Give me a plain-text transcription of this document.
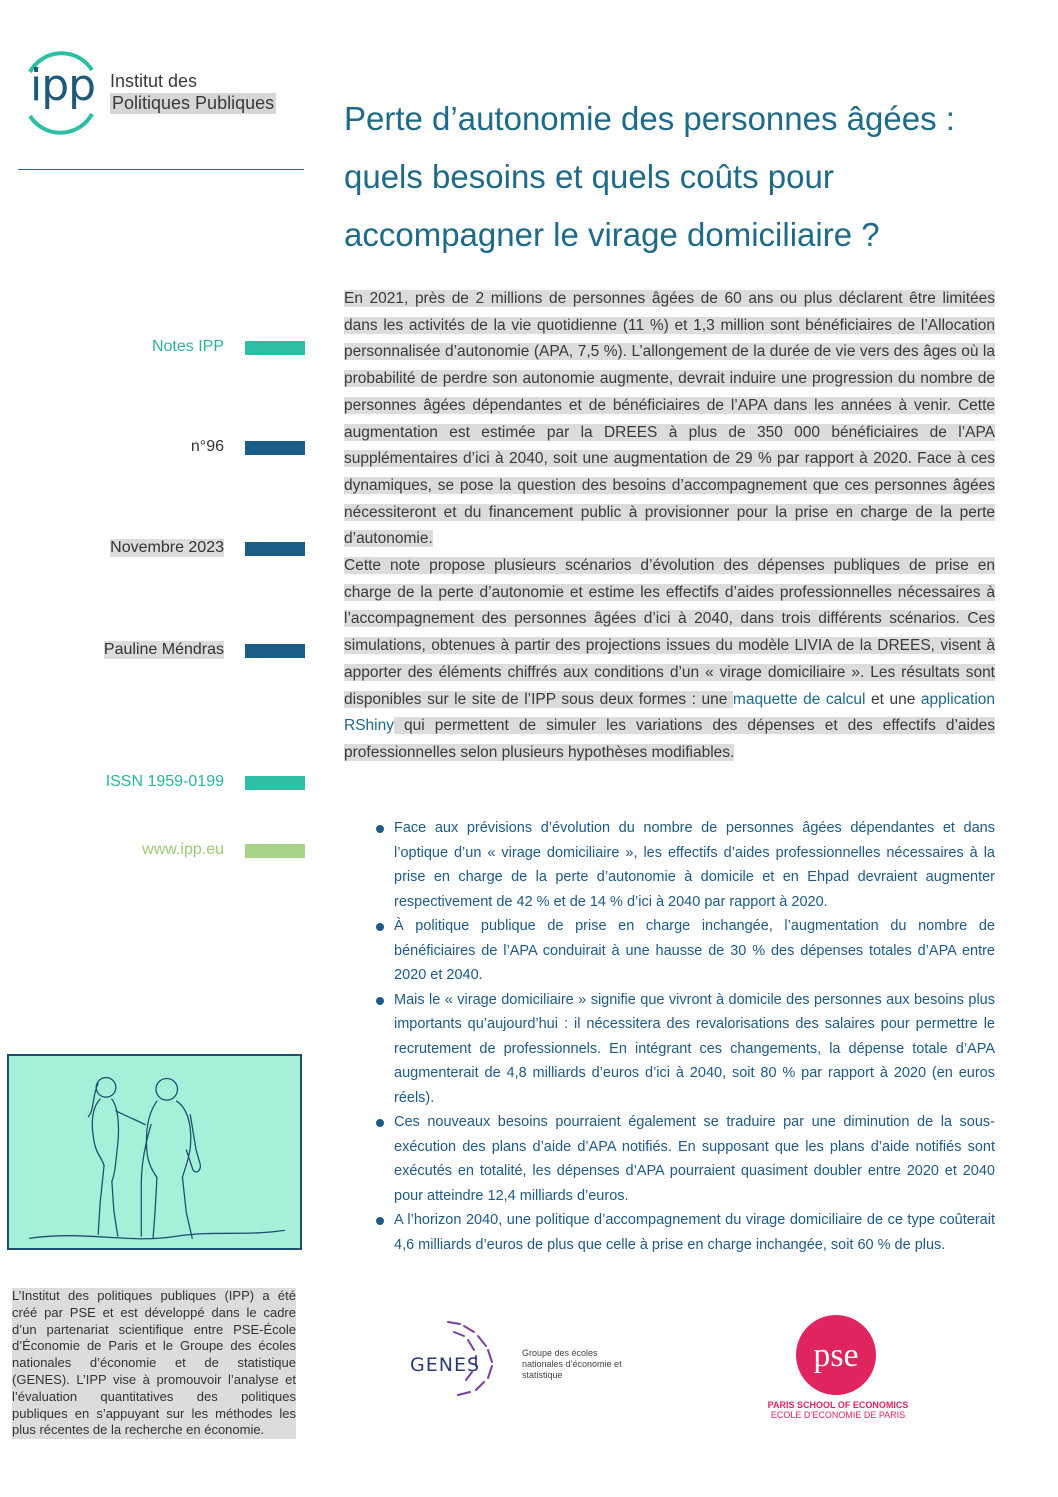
ipp Institut des
Politiques Publiques Perte d’autonomie des personnes âgées : quels besoins et quels coûts pour accompagner le virage domiciliaire ?
Notes IPP
n°96
Novembre 2023
Pauline Méndras
ISSN 1959-0199
www.ipp.eu
En 2021, près de 2 millions de personnes âgées de 60 ans ou plus déclarent être limitées dans les activités de la vie quotidienne (11 %) et 1,3 million sont bénéficiaires de l’Allocation personnalisée d’autonomie (APA, 7,5 %). L’allongement de la durée de vie vers des âges où la probabilité de perdre son autonomie augmente, devrait induire une progression du nombre de personnes âgées dépendantes et de bénéficiaires de l’APA dans les années à venir. Cette augmentation est estimée par la DREES à plus de 350 000 bénéficiaires de l’APA supplémentaires d’ici à 2040, soit une augmentation de 29 % par rapport à 2020. Face à ces dynamiques, se pose la question des besoins d’accompagnement que ces personnes âgées nécessiteront et du financement public à provisionner pour la prise en charge de la perte d’autonomie.
Cette note propose plusieurs scénarios d’évolution des dépenses publiques de prise en charge de la perte d’autonomie et estime les effectifs d’aides professionnelles nécessaires à l’accompagnement des personnes âgées d’ici à 2040, dans trois différents scénarios. Ces simulations, obtenues à partir des projections issues du modèle LIVIA de la DREES, visent à apporter des éléments chiffrés aux conditions d’un « virage domiciliaire ». Les résultats sont disponibles sur le site de l’IPP sous deux formes : une maquette de calcul et une application RShiny qui permettent de simuler les variations des dépenses et des effectifs d’aides professionnelles selon plusieurs hypothèses modifiables.
Face aux prévisions d’évolution du nombre de personnes âgées dépendantes et dans l’optique d’un « virage domiciliaire », les effectifs d’aides professionnelles nécessaires à la prise en charge de la perte d’autonomie à domicile et en Ehpad devraient augmenter respectivement de 42 % et de 14 % d’ici à 2040 par rapport à 2020.
À politique publique de prise en charge inchangée, l’augmentation du nombre de bénéficiaires de l’APA conduirait à une hausse de 30 % des dépenses totales d’APA entre 2020 et 2040.
Mais le « virage domiciliaire » signifie que vivront à domicile des personnes aux besoins plus importants qu’aujourd’hui : il nécessitera des revalorisations des salaires pour permettre le recrutement de professionnels. En intégrant ces changements, la dépense totale d’APA augmenterait de 4,8 milliards d’euros d’ici à 2040, soit 80 % par rapport à 2020 (en euros réels).
Ces nouveaux besoins pourraient également se traduire par une diminution de la sous-exécution des plans d’aide d’APA notifiés. En supposant que les plans d’aide notifiés sont exécutés en totalité, les dépenses d’APA pourraient quasiment doubler entre 2020 et 2040 pour atteindre 12,4 milliards d’euros.
A l’horizon 2040, une politique d’accompagnement du virage domiciliaire de ce type coûterait 4,6 milliards d’euros de plus que celle à prise en charge inchangée, soit 60 % de plus.
L’Institut des politiques publiques (IPP) a été créé par PSE et est développé dans le cadre d’un partenariat scientifique entre PSE-École d’Économie de Paris et le Groupe des écoles nationales d’économie et de statistique (GENES). L’IPP vise à promouvoir l’analyse et l’évaluation quantitatives des politiques publiques en s’appuyant sur les méthodes les plus récentes de la recherche en économie.
GENES
Groupe des écoles nationales d’économie et statistique
pse
PARIS SCHOOL OF ECONOMICS
ECOLE D’ECONOMIE DE PARIS
